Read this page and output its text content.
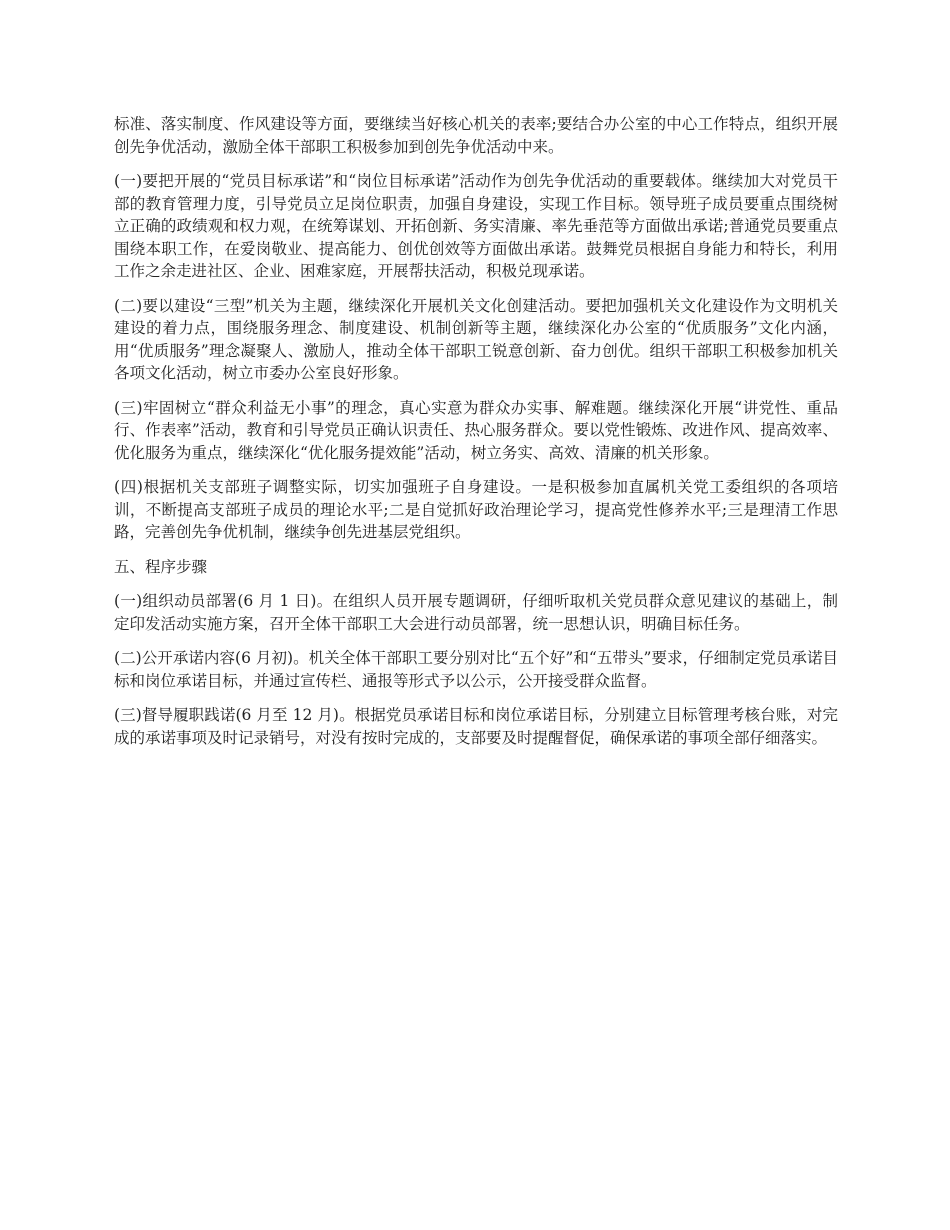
标准、落实制度、作风建设等方面，要继续当好核心机关的表率;要结合办公室的中心工作特点，组织开展创先争优活动，激励全体干部职工积极参加到创先争优活动中来。

(一)要把开展的“党员目标承诺”和“岗位目标承诺”活动作为创先争优活动的重要载体。继续加大对党员干部的教育管理力度，引导党员立足岗位职责，加强自身建设，实现工作目标。领导班子成员要重点围绕树立正确的政绩观和权力观，在统筹谋划、开拓创新、务实清廉、率先垂范等方面做出承诺;普通党员要重点围绕本职工作，在爱岗敬业、提高能力、创优创效等方面做出承诺。鼓舞党员根据自身能力和特长，利用工作之余走进社区、企业、困难家庭，开展帮扶活动，积极兑现承诺。

(二)要以建设“三型”机关为主题，继续深化开展机关文化创建活动。要把加强机关文化建设作为文明机关建设的着力点，围绕服务理念、制度建设、机制创新等主题，继续深化办公室的“优质服务”文化内涵，用“优质服务”理念凝聚人、激励人，推动全体干部职工锐意创新、奋力创优。组织干部职工积极参加机关各项文化活动，树立市委办公室良好形象。

(三)牢固树立“群众利益无小事”的理念，真心实意为群众办实事、解难题。继续深化开展“讲党性、重品行、作表率”活动，教育和引导党员正确认识责任、热心服务群众。要以党性锻炼、改进作风、提高效率、优化服务为重点，继续深化“优化服务提效能”活动，树立务实、高效、清廉的机关形象。

(四)根据机关支部班子调整实际，切实加强班子自身建设。一是积极参加直属机关党工委组织的各项培训，不断提高支部班子成员的理论水平;二是自觉抓好政治理论学习，提高党性修养水平;三是理清工作思路，完善创先争优机制，继续争创先进基层党组织。

五、程序步骤

(一)组织动员部署(6 月 1 日)。在组织人员开展专题调研，仔细听取机关党员群众意见建议的基础上，制定印发活动实施方案，召开全体干部职工大会进行动员部署，统一思想认识，明确目标任务。

(二)公开承诺内容(6 月初)。机关全体干部职工要分别对比“五个好”和“五带头”要求，仔细制定党员承诺目标和岗位承诺目标，并通过宣传栏、通报等形式予以公示，公开接受群众监督。

(三)督导履职践诺(6 月至 12 月)。根据党员承诺目标和岗位承诺目标，分别建立目标管理考核台账，对完成的承诺事项及时记录销号，对没有按时完成的，支部要及时提醒督促，确保承诺的事项全部仔细落实。
